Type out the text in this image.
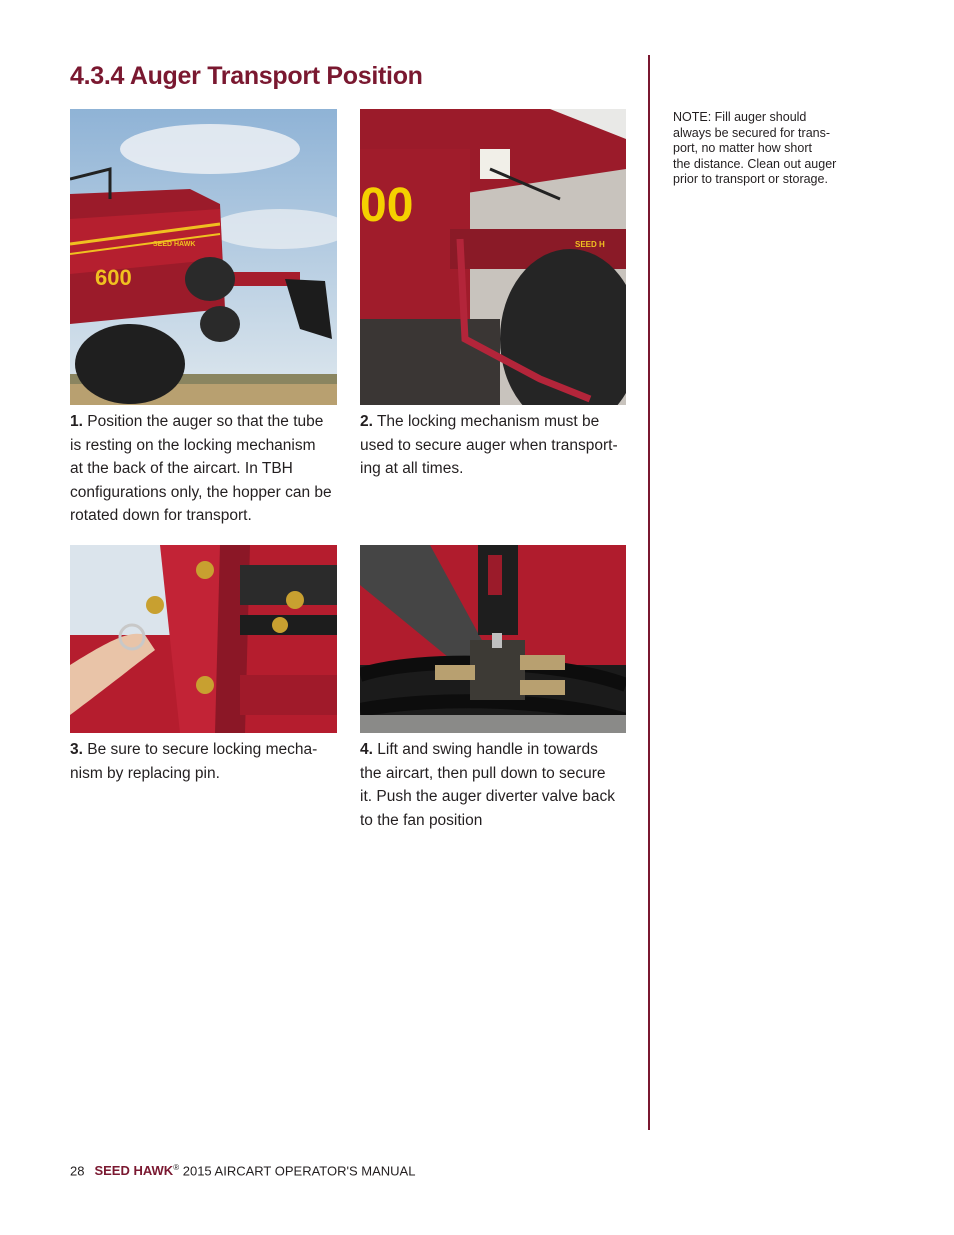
4.3.4 Auger Transport Position
NOTE: Fill auger should
always be secured for trans-
port, no matter how short
the distance. Clean out auger
prior to transport or storage.
SEED HAWK
600
00
SEED H
1. Position the auger so that the tube
is resting on the locking mechanism
at the back of the aircart. In TBH
configurations only, the hopper can be
rotated down for transport.
2. The locking mechanism must be
used to secure auger when transport-
ing at all times.
3. Be sure to secure locking mecha-
nism by replacing pin.
4. Lift and swing handle in towards
the aircart, then pull down to secure
it. Push the auger diverter valve back
to the fan position
28 SEED HAWK® 2015 AIRCART OPERATOR'S MANUAL
